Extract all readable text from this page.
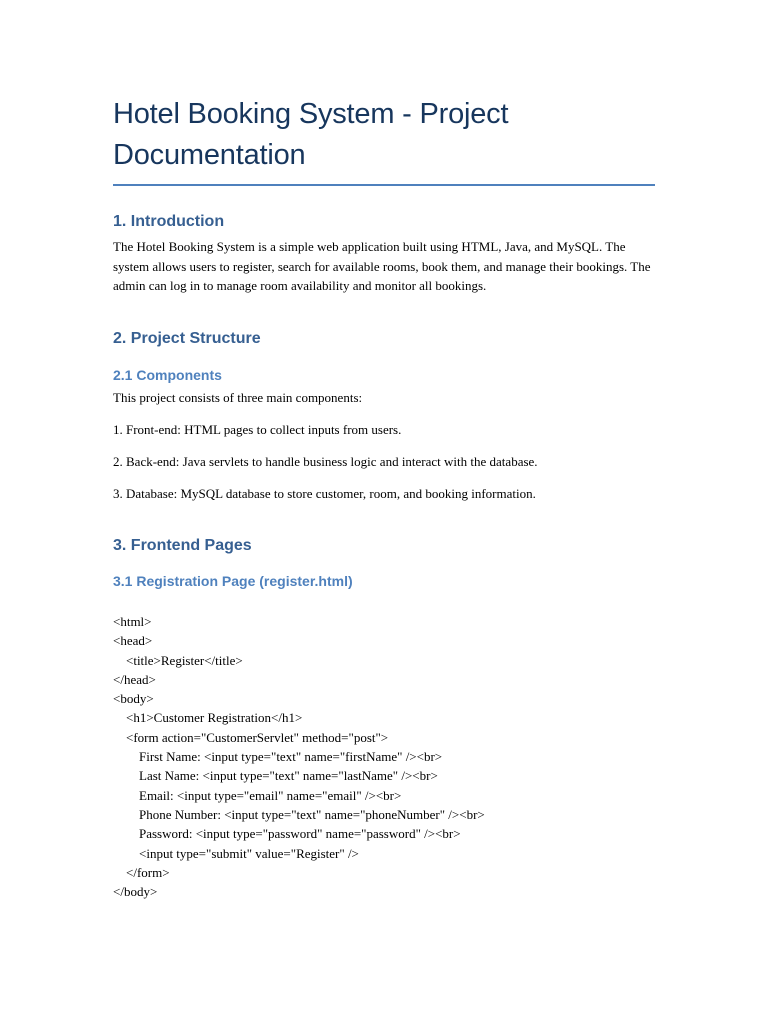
Hotel Booking System - Project Documentation
1. Introduction

The Hotel Booking System is a simple web application built using HTML, Java, and MySQL. The system allows users to register, search for available rooms, book them, and manage their bookings. The admin can log in to manage room availability and monitor all bookings.

2. Project Structure
2.1 Components

This project consists of three main components:

1. Front-end: HTML pages to collect inputs from users.

2. Back-end: Java servlets to handle business logic and interact with the database.

3. Database: MySQL database to store customer, room, and booking information.

3. Frontend Pages
3.1 Registration Page (register.html)
<html>
<head>
<title>Register</title>
</head>
<body>
<h1>Customer Registration</h1>
<form action="CustomerServlet" method="post">
First Name: <input type="text" name="firstName" /><br>
Last Name: <input type="text" name="lastName" /><br>
Email: <input type="email" name="email" /><br>
Phone Number: <input type="text" name="phoneNumber" /><br>
Password: <input type="password" name="password" /><br>
<input type="submit" value="Register" />
</form>
</body>
